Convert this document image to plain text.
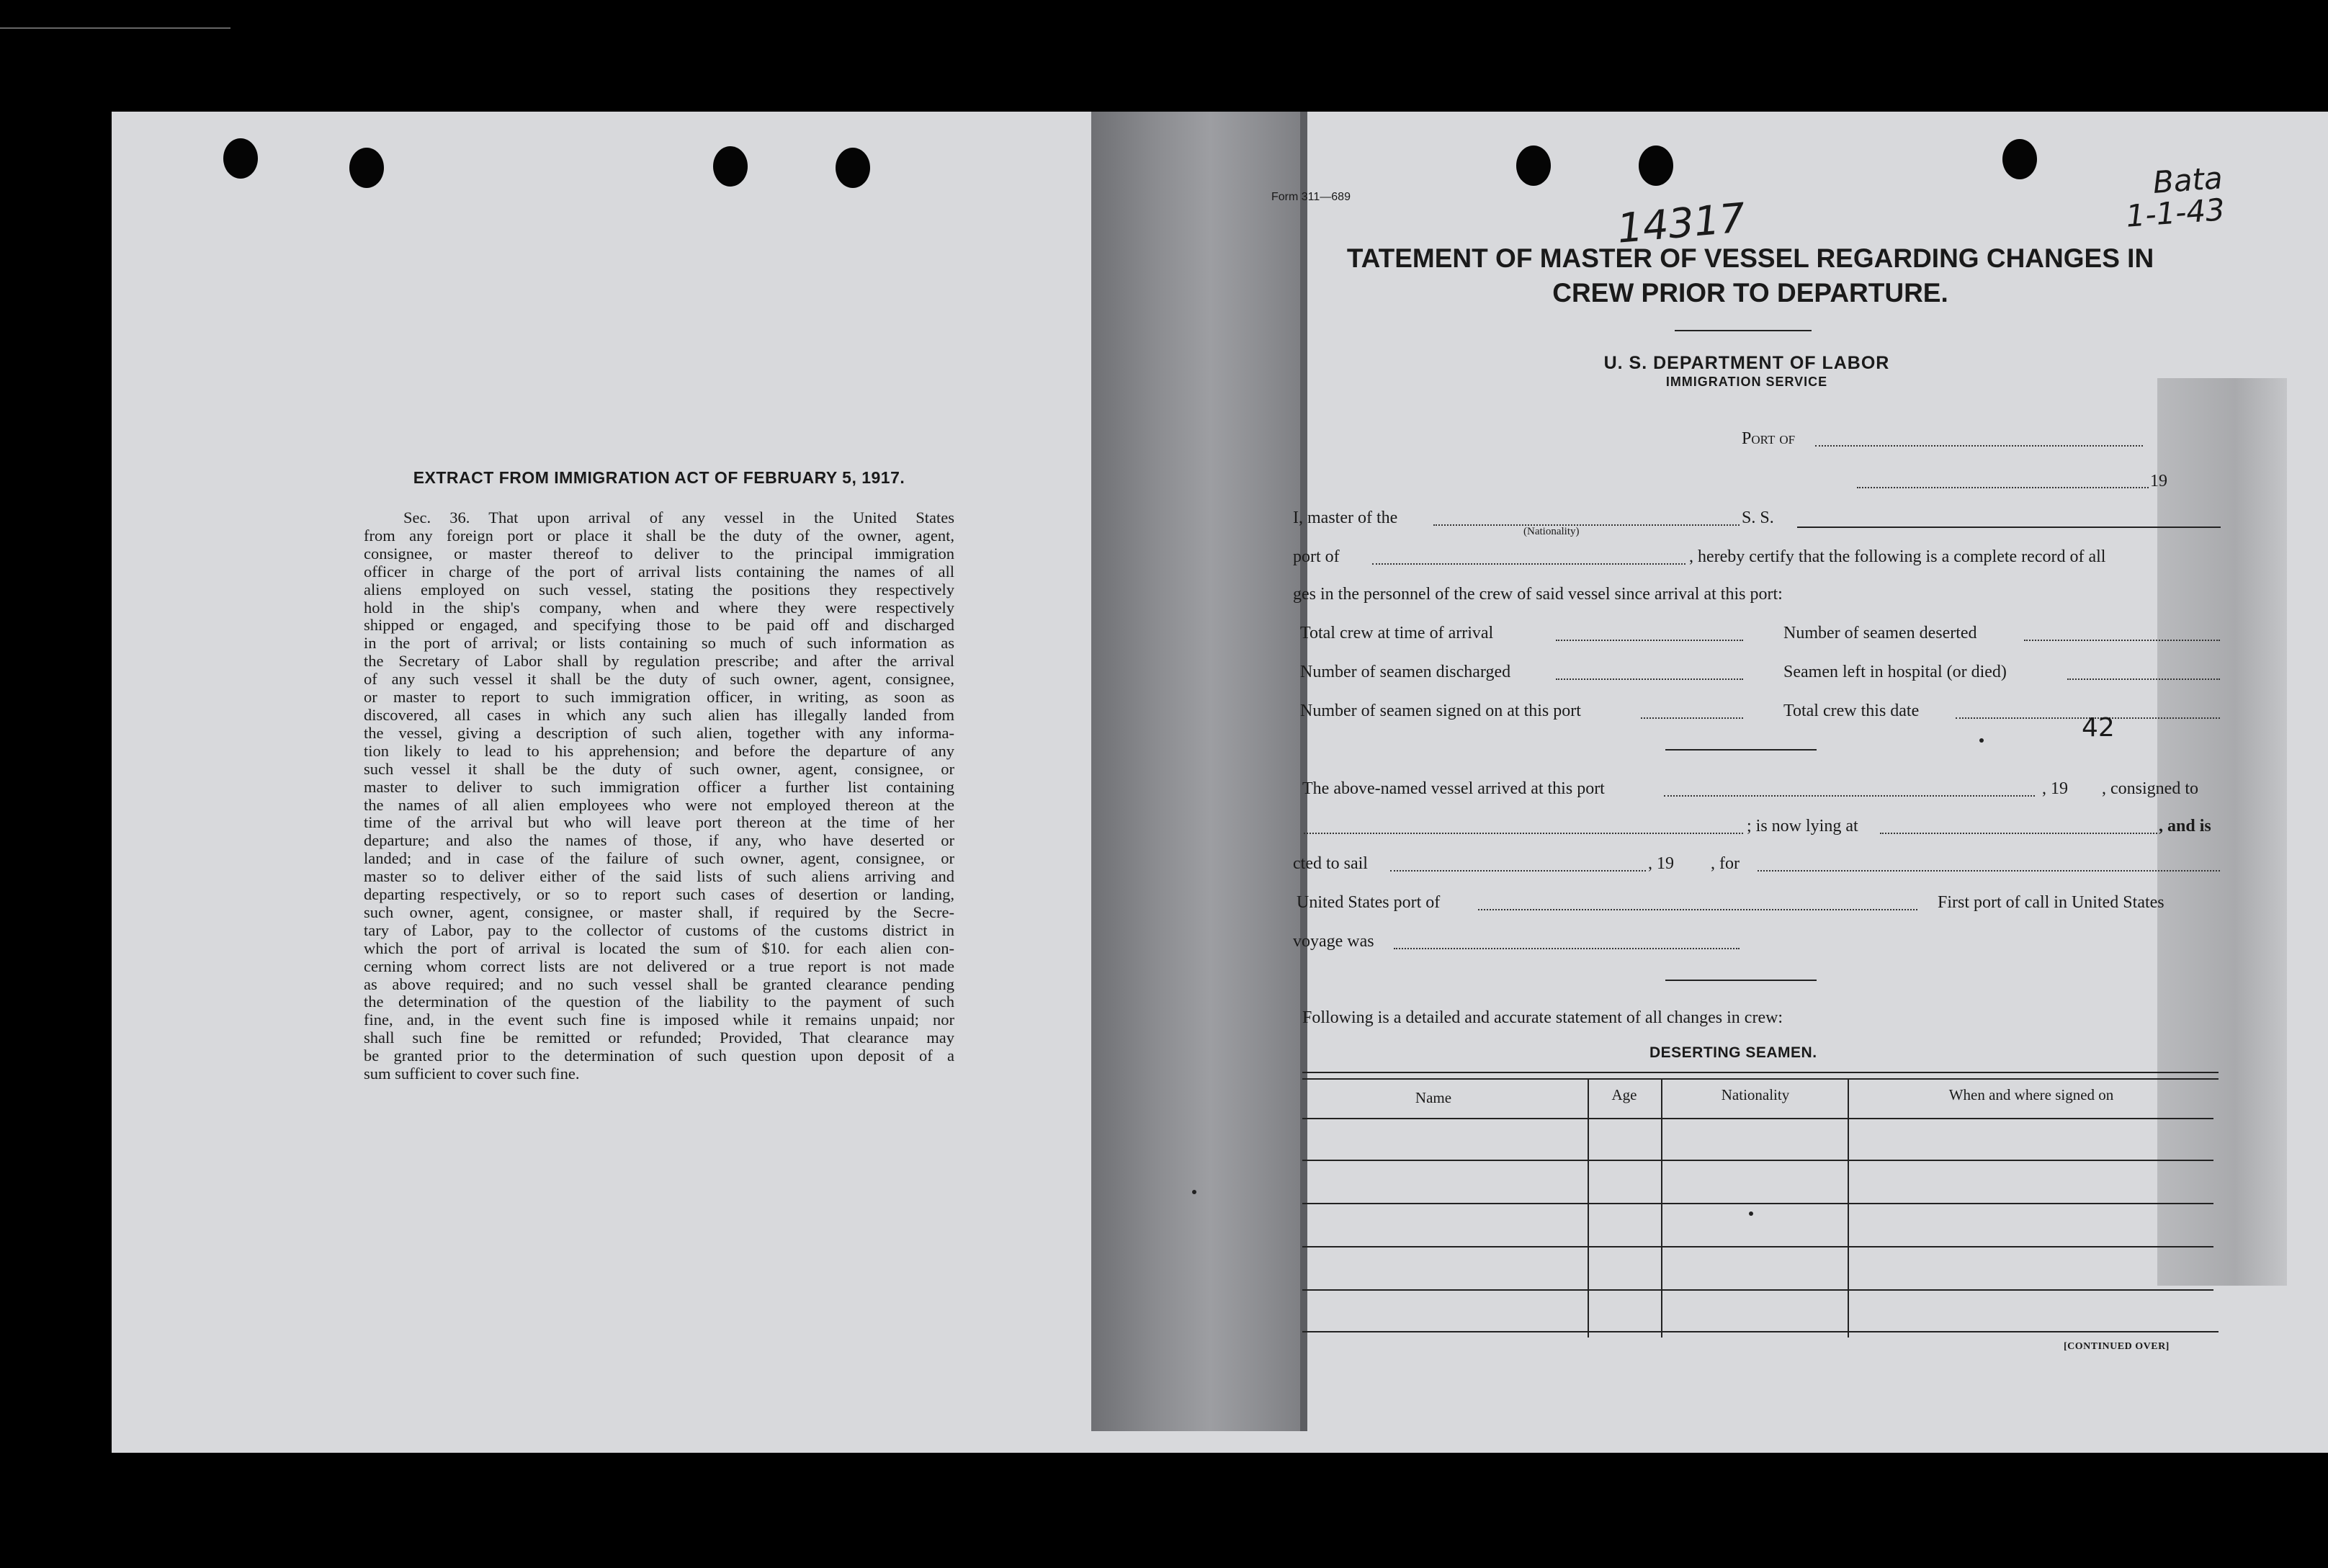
EXTRACT FROM IMMIGRATION ACT OF FEBRUARY 5, 1917.
Sec. 36. That upon arrival of any vessel in the United States
from any foreign port or place it shall be the duty of the owner, agent,
consignee, or master thereof to deliver to the principal immigration
officer in charge of the port of arrival lists containing the names of all
aliens employed on such vessel, stating the positions they respectively
hold in the ship's company, when and where they were respectively
shipped or engaged, and specifying those to be paid off and discharged
in the port of arrival; or lists containing so much of such information as
the Secretary of Labor shall by regulation prescribe; and after the arrival
of any such vessel it shall be the duty of such owner, agent, consignee,
or master to report to such immigration officer, in writing, as soon as
discovered, all cases in which any such alien has illegally landed from
the vessel, giving a description of such alien, together with any informa-
tion likely to lead to his apprehension; and before the departure of any
such vessel it shall be the duty of such owner, agent, consignee, or
master to deliver to such immigration officer a further list containing
the names of all alien employees who were not employed thereon at the
time of the arrival but who will leave port thereon at the time of her
departure; and also the names of those, if any, who have deserted or
landed; and in case of the failure of such owner, agent, consignee, or
master so to deliver either of the said lists of such aliens arriving and
departing respectively, or so to report such cases of desertion or landing,
such owner, agent, consignee, or master shall, if required by the Secre-
tary of Labor, pay to the collector of customs of the customs district in
which the port of arrival is located the sum of $10. for each alien con-
cerning whom correct lists are not delivered or a true report is not made
as above required; and no such vessel shall be granted clearance pending
the determination of the question of the liability to the payment of such
fine, and, in the event such fine is imposed while it remains unpaid; nor
shall such fine be remitted or refunded; Provided, That clearance may
be granted prior to the determination of such question upon deposit of a
sum sufficient to cover such fine.
Form 311—689	14317
Bata
1-1-43
TATEMENT OF MASTER OF VESSEL REGARDING CHANGES IN
CREW PRIOR TO DEPARTURE.
U. S. DEPARTMENT OF LABOR
IMMIGRATION SERVICE
Port of
19
I, master of the
(Nationality)
S. S.
port of	, hereby certify that the following is a complete record of all
ges in the personnel of the crew of said vessel since arrival at this port:
Total crew at time of arrival	Number of seamen deserted
Number of seamen discharged	Seamen left in hospital (or died)
Number of seamen signed on at this port	Total crew this date
42
The above-named vessel arrived at this port	, 19 , consigned to
; is now lying at	, and is
cted to sail	, 19 , for
United States port of	First port of call in United States
voyage was
Following is a detailed and accurate statement of all changes in crew:
DESERTING SEAMEN.
Name	Age	Nationality	When and where signed on
[CONTINUED OVER]
